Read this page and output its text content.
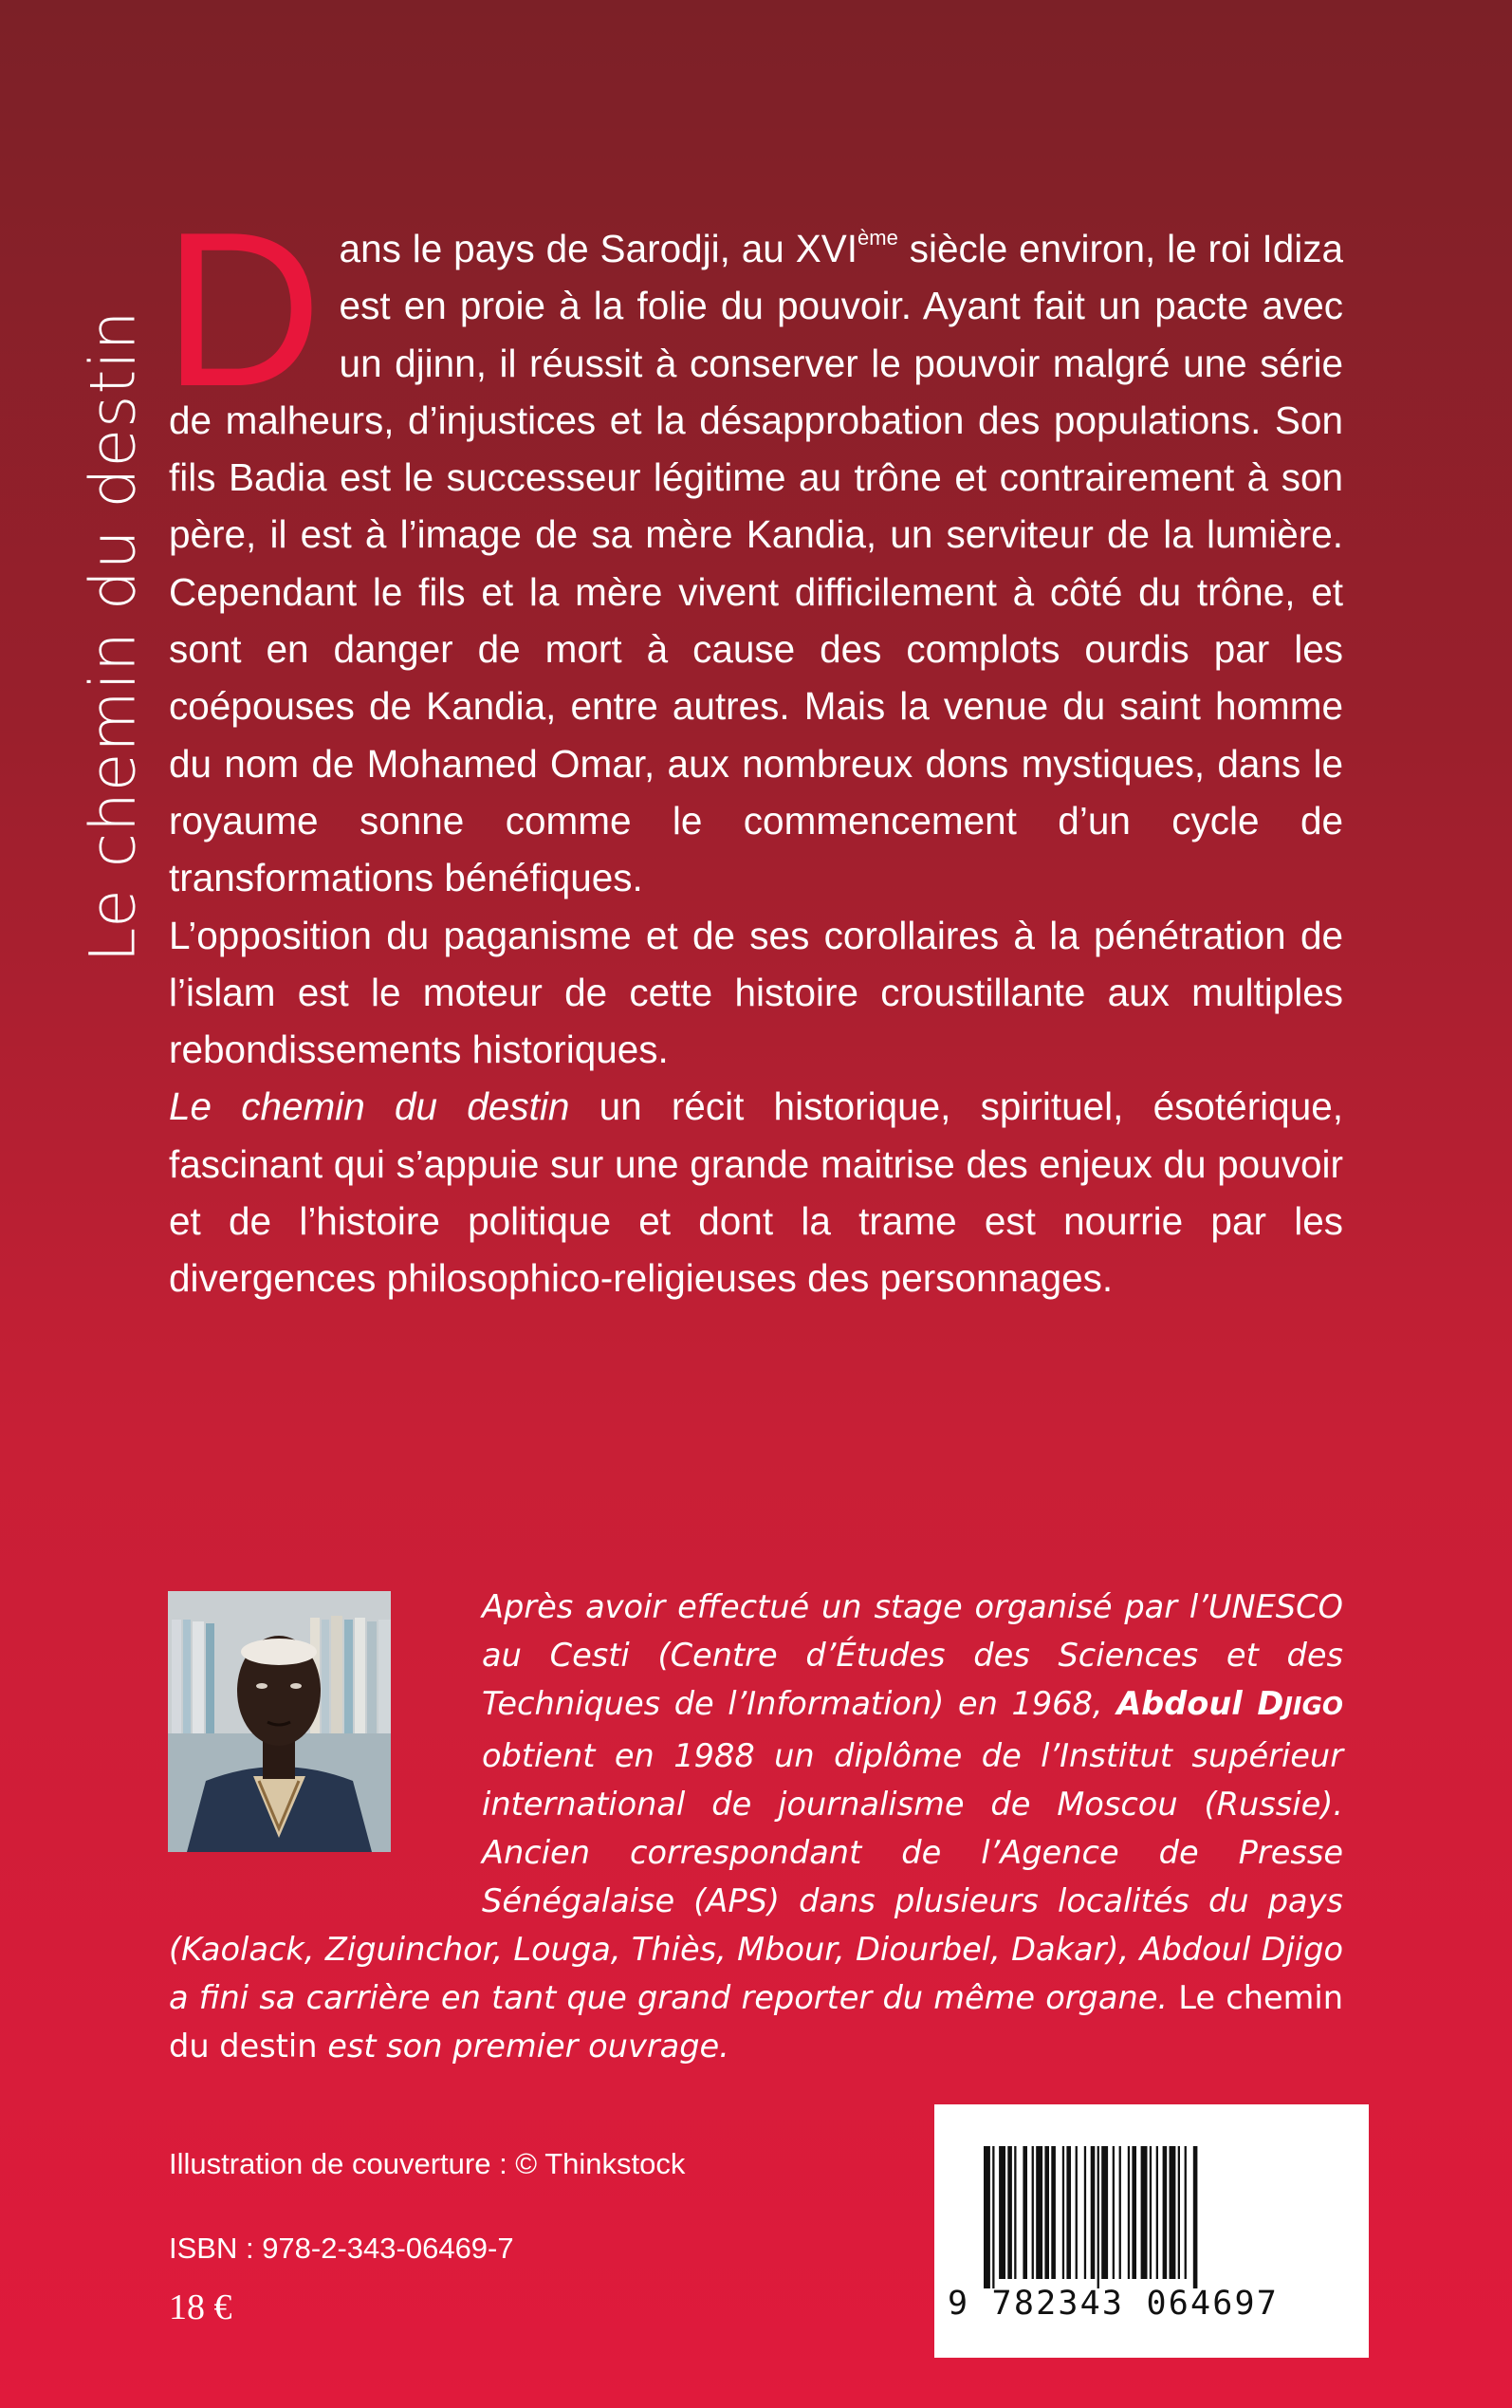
Le chemin du destin Dans le pays de Sarodji, au XVIème siècle environ, le roi Idiza est en proie à la folie du pouvoir. Ayant fait un pacte avec un djinn, il réussit à conserver le pouvoir malgré une série de malheurs, d’injustices et la désapprobation des populations. Son fils Badia est le successeur légitime au trône et contrairement à son père, il est à l’image de sa mère Kandia, un serviteur de la lumière. Cependant le fils et la mère vivent difficilement à côté du trône, et sont en danger de mort à cause des complots ourdis par les coépouses de Kandia, entre autres. Mais la venue du saint homme du nom de Mohamed Omar, aux nombreux dons mystiques, dans le royaume sonne comme le commencement d’un cycle de transformations bénéfiques.

L’opposition du paganisme et de ses corollaires à la pénétration de l’islam est le moteur de cette histoire croustillante aux multiples rebondissements historiques.

Le chemin du destin un récit historique, spirituel, ésotérique, fascinant qui s’appuie sur une grande maitrise des enjeux du pouvoir et de l’histoire politique et dont la trame est nourrie par les divergences philosophico-religieuses des personnages.

Après avoir effectué un stage organisé par l’UNESCO au Cesti (Centre d’Études des Sciences et des Techniques de l’Information) en 1968, Abdoul DJIGO obtient en 1988 un diplôme de l’Institut supérieur international de journalisme de Moscou (Russie). Ancien correspondant de l’Agence de Presse Sénégalaise (APS) dans plusieurs localités du pays (Kaolack, Ziguinchor, Louga, Thiès, Mbour, Diourbel, Dakar), Abdoul Djigo a fini sa carrière en tant que grand reporter du même organe. Le chemin du destin est son premier ouvrage.
Illustration de couverture : © Thinkstock
ISBN : 978-2-343-06469-7
18 €	9 782343 064697
